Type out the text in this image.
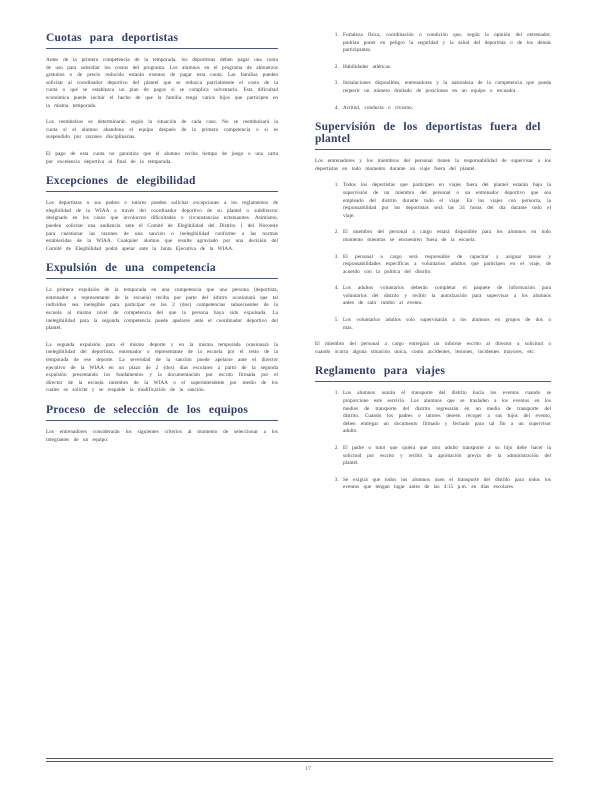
Cuotas para deportistas

Antes de la primera competencia de la temporada, los deportistas deben pagar una cuota de uso para subsidiar los costos del programa. Los alumnos en el programa de almuerzos gratuitos o de precio reducido estarán exentos de pagar esta cuota. Las familias pueden solicitar al coordinador deportivo del plantel que se reduzca parcialmente el costo de la cuota o que se establezca un plan de pagos si se complica solventarlo. Esta dificultad económica puede incluir el hecho de que la familia tenga varios hijos que participen en la misma temporada.

Los reembolsos se determinarán según la situación de cada caso. No se reembolsará la cuota si el alumno abandona el equipo después de la primera competencia o si es suspendido por razones disciplinarias.

El pago de esta cuota no garantiza que el alumno reciba tiempo de juego o una carta por excelencia deportiva al final de la temporada.

Excepciones de elegibilidad

Los deportistas o sus padres o tutores pueden solicitar excepciones a los reglamentos de elegibilidad de la WIAA a través del coordinador deportivo de su plantel o subdirector designado en los casos que involucren dificultades o circunstancias extenuantes. Asimismo, pueden solicitar una audiencia ante el Comité de Elegibilidad del Distrito 1 del Noroeste para cuestionar las razones de una sanción o inelegibilidad conforme a las normas establecidas de la WIAA. Cualquier alumno que resulte agraviado por una decisión del Comité de Elegibilidad podrá apelar ante la Junta Ejecutiva de la WIAA.

Expulsión de una competencia

La primera expulsión de la temporada en una competencia que una persona (deportista, entrenador o representante de la escuela) reciba por parte del árbitro ocasionará que tal individuo sea inelegible para participar en las 2 (dos) competencias subsecuentes de la escuela al mismo nivel de competencia del que la persona haya sido expulsada. La inelegibilidad para la segunda competencia puede apelarse ante el coordinador deportivo del plantel.

La segunda expulsión para el mismo deporte y en la misma temporada ocasionará la inelegibilidad del deportista, entrenador o representante de la escuela por el resto de la temporada de ese deporte. La severidad de la sanción puede apelarse ante el director ejecutivo de la WIAA en un plazo de 2 (dos) días escolares a partir de la segunda expulsión presentando los fundamentos y la documentación por escrito firmada por el director de la escuela miembro de la WIAA o el superintendente por medio de los cuales se solicite y se respalde la modificación de la sanción.

Proceso de selección de los equipos

Los entrenadores considerarán los siguientes criterios al momento de seleccionar a los integrantes de un equipo:

1. Fortaleza física, coordinación o condición que, según la opinión del entrenador, podrían poner en peligro la seguridad y la salud del deportista o de los demás participantes.
2. Habilidades atléticas.
3. Instalaciones disponibles, entrenadores y la naturaleza de la competencia que pueda requerir un número limitado de posiciones en un equipo o escuadra.
4. Actitud, conducta o civismo.
Supervisión de los deportistas fuera del plantel

Los entrenadores y los miembros del personal tienen la responsabilidad de supervisar a los deportistas en todo momento durante un viaje fuera del plantel.

1. Todos los deportistas que participen en viajes fuera del plantel estarán bajo la supervisión de un miembro del personal o un entrenador deportivo que sea empleado del distrito durante todo el viaje. En los viajes con pernocta, la responsabilidad por los deportistas será las 24 horas del día durante todo el viaje.
2. El miembro del personal a cargo estará disponible para los alumnos en todo momento mientras se encuentren fuera de la escuela.
3. El personal a cargo será responsable de capacitar y asignar tareas y responsabilidades específicas a voluntarios adultos que participen en el viaje, de acuerdo con la política del distrito.
4. Los adultos voluntarios deberán completar el paquete de información para voluntarios del distrito y recibir la autorización para supervisar a los alumnos antes de salir rumbo al evento.
5. Los voluntarios adultos solo supervisarán a los alumnos en grupos de dos o más.

El miembro del personal a cargo entregará un informe escrito al director a solicitud o cuando ocurra alguna situación única, como accidentes, lesiones, incidentes mayores, etc.

Reglamento para viajes
1. Los alumnos usarán el transporte del distrito hacia los eventos cuando se proporcione este servicio. Los alumnos que se trasladen a los eventos en los medios de transporte del distrito regresarán en un medio de transporte del distrito. Cuando los padres o tutores deseen recoger a sus hijos del evento, deben entregar un documento firmado y fechado para tal fin a un supervisor adulto.
2. El padre o tutor que quiera que otro adulto transporte a su hijo debe hacer la solicitud por escrito y recibir la aprobación previa de la administración del plantel.
3. Se exigirá que todos los alumnos usen el transporte del distrito para todos los eventos que tengan lugar antes de las 4:15 p.m. en días escolares.
17
